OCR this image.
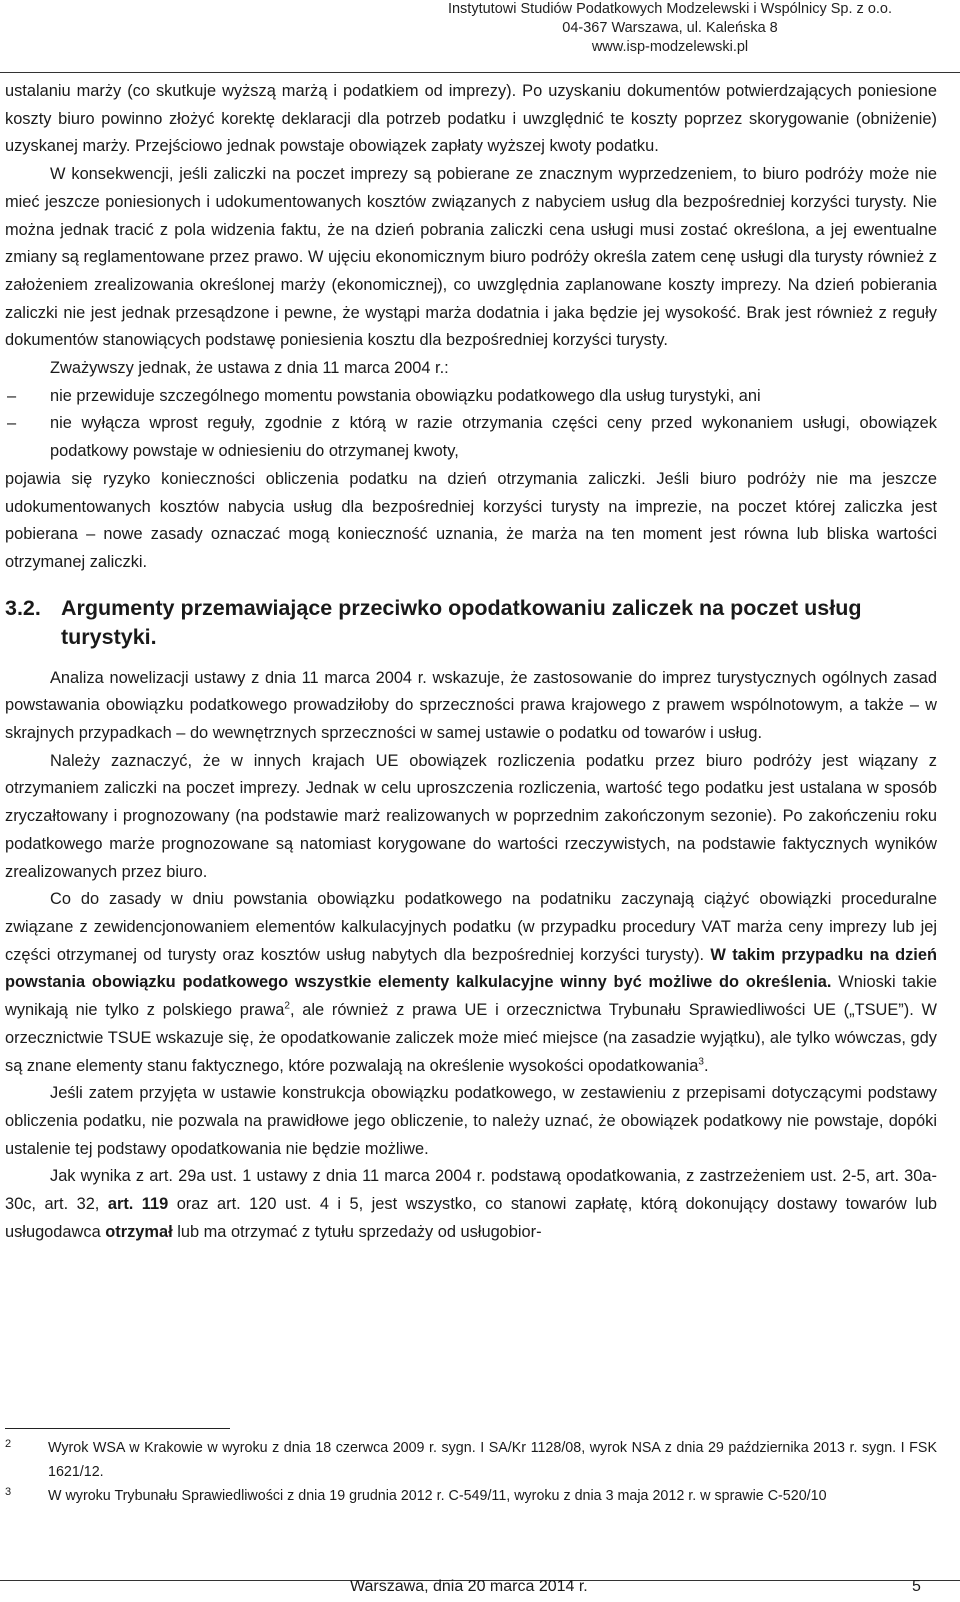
Instytutowi Studiów Podatkowych Modzelewski i Wspólnicy Sp. z o.o.
04-367 Warszawa, ul. Kaleńska 8
www.isp-modzelewski.pl

ustalaniu marży (co skutkuje wyższą marżą i podatkiem od imprezy). Po uzyskaniu dokumentów potwierdzających poniesione koszty biuro powinno złożyć korektę deklaracji dla potrzeb podatku i uwzględnić te koszty poprzez skorygowanie (obniżenie) uzyskanej marży. Przejściowo jednak powstaje obowiązek zapłaty wyższej kwoty podatku.

W konsekwencji, jeśli zaliczki na poczet imprezy są pobierane ze znacznym wyprzedzeniem, to biuro podróży może nie mieć jeszcze poniesionych i udokumentowanych kosztów związanych z nabyciem usług dla bezpośredniej korzyści turysty. Nie można jednak tracić z pola widzenia faktu, że na dzień pobrania zaliczki cena usługi musi zostać określona, a jej ewentualne zmiany są reglamentowane przez prawo. W ujęciu ekonomicznym biuro podróży określa zatem cenę usługi dla turysty również z założeniem zrealizowania określonej marży (ekonomicznej), co uwzględnia zaplanowane koszty imprezy. Na dzień pobierania zaliczki nie jest jednak przesądzone i pewne, że wystąpi marża dodatnia i jaka będzie jej wysokość. Brak jest również z reguły dokumentów stanowiących podstawę poniesienia kosztu dla bezpośredniej korzyści turysty.

Zważywszy jednak, że ustawa z dnia 11 marca 2004 r.:

– nie przewiduje szczególnego momentu powstania obowiązku podatkowego dla usług turystyki, ani
– nie wyłącza wprost reguły, zgodnie z którą w razie otrzymania części ceny przed wykonaniem usługi, obowiązek podatkowy powstaje w odniesieniu do otrzymanej kwoty,

pojawia się ryzyko konieczności obliczenia podatku na dzień otrzymania zaliczki. Jeśli biuro podróży nie ma jeszcze udokumentowanych kosztów nabycia usług dla bezpośredniej korzyści turysty na imprezie, na poczet której zaliczka jest pobierana – nowe zasady oznaczać mogą konieczność uznania, że marża na ten moment jest równa lub bliska wartości otrzymanej zaliczki.

3.2. Argumenty przemawiające przeciwko opodatkowaniu zaliczek na poczet usług turystyki.

Analiza nowelizacji ustawy z dnia 11 marca 2004 r. wskazuje, że zastosowanie do imprez turystycznych ogólnych zasad powstawania obowiązku podatkowego prowadziłoby do sprzeczności prawa krajowego z prawem wspólnotowym, a także – w skrajnych przypadkach – do wewnętrznych sprzeczności w samej ustawie o podatku od towarów i usług.

Należy zaznaczyć, że w innych krajach UE obowiązek rozliczenia podatku przez biuro podróży jest wiązany z otrzymaniem zaliczki na poczet imprezy. Jednak w celu uproszczenia rozliczenia, wartość tego podatku jest ustalana w sposób zryczałtowany i prognozowany (na podstawie marż realizowanych w poprzednim zakończonym sezonie). Po zakończeniu roku podatkowego marże prognozowane są natomiast korygowane do wartości rzeczywistych, na podstawie faktycznych wyników zrealizowanych przez biuro.

Co do zasady w dniu powstania obowiązku podatkowego na podatniku zaczynają ciążyć obowiązki proceduralne związane z zewidencjonowaniem elementów kalkulacyjnych podatku (w przypadku procedury VAT marża ceny imprezy lub jej części otrzymanej od turysty oraz kosztów usług nabytych dla bezpośredniej korzyści turysty). W takim przypadku na dzień powstania obowiązku podatkowego wszystkie elementy kalkulacyjne winny być możliwe do określenia. Wnioski takie wynikają nie tylko z polskiego prawa$^2$, ale również z prawa UE i orzecznictwa Trybunału Sprawiedliwości UE („TSUE”). W orzecznictwie TSUE wskazuje się, że opodatkowanie zaliczek może mieć miejsce (na zasadzie wyjątku), ale tylko wówczas, gdy są znane elementy stanu faktycznego, które pozwalają na określenie wysokości opodatkowania$^3$.

Jeśli zatem przyjęta w ustawie konstrukcja obowiązku podatkowego, w zestawieniu z przepisami dotyczącymi podstawy obliczenia podatku, nie pozwala na prawidłowe jego obliczenie, to należy uznać, że obowiązek podatkowy nie powstaje, dopóki ustalenie tej podstawy opodatkowania nie będzie możliwe.

Jak wynika z art. 29a ust. 1 ustawy z dnia 11 marca 2004 r. podstawą opodatkowania, z zastrzeżeniem ust. 2-5, art. 30a-30c, art. 32, art. 119 oraz art. 120 ust. 4 i 5, jest wszystko, co stanowi zapłatę, którą dokonujący dostawy towarów lub usługodawca otrzymał lub ma otrzymać z tytułu sprzedaży od usługobior-

2	Wyrok WSA w Krakowie w wyroku z dnia 18 czerwca 2009 r. sygn. I SA/Kr 1128/08, wyrok NSA z dnia 29 października 2013 r. sygn. I FSK 1621/12.
3	W wyroku Trybunału Sprawiedliwości z dnia 19 grudnia 2012 r. C-549/11, wyroku z dnia 3 maja 2012 r. w sprawie C-520/10
Warszawa, dnia 20 marca 2014 r.	5
